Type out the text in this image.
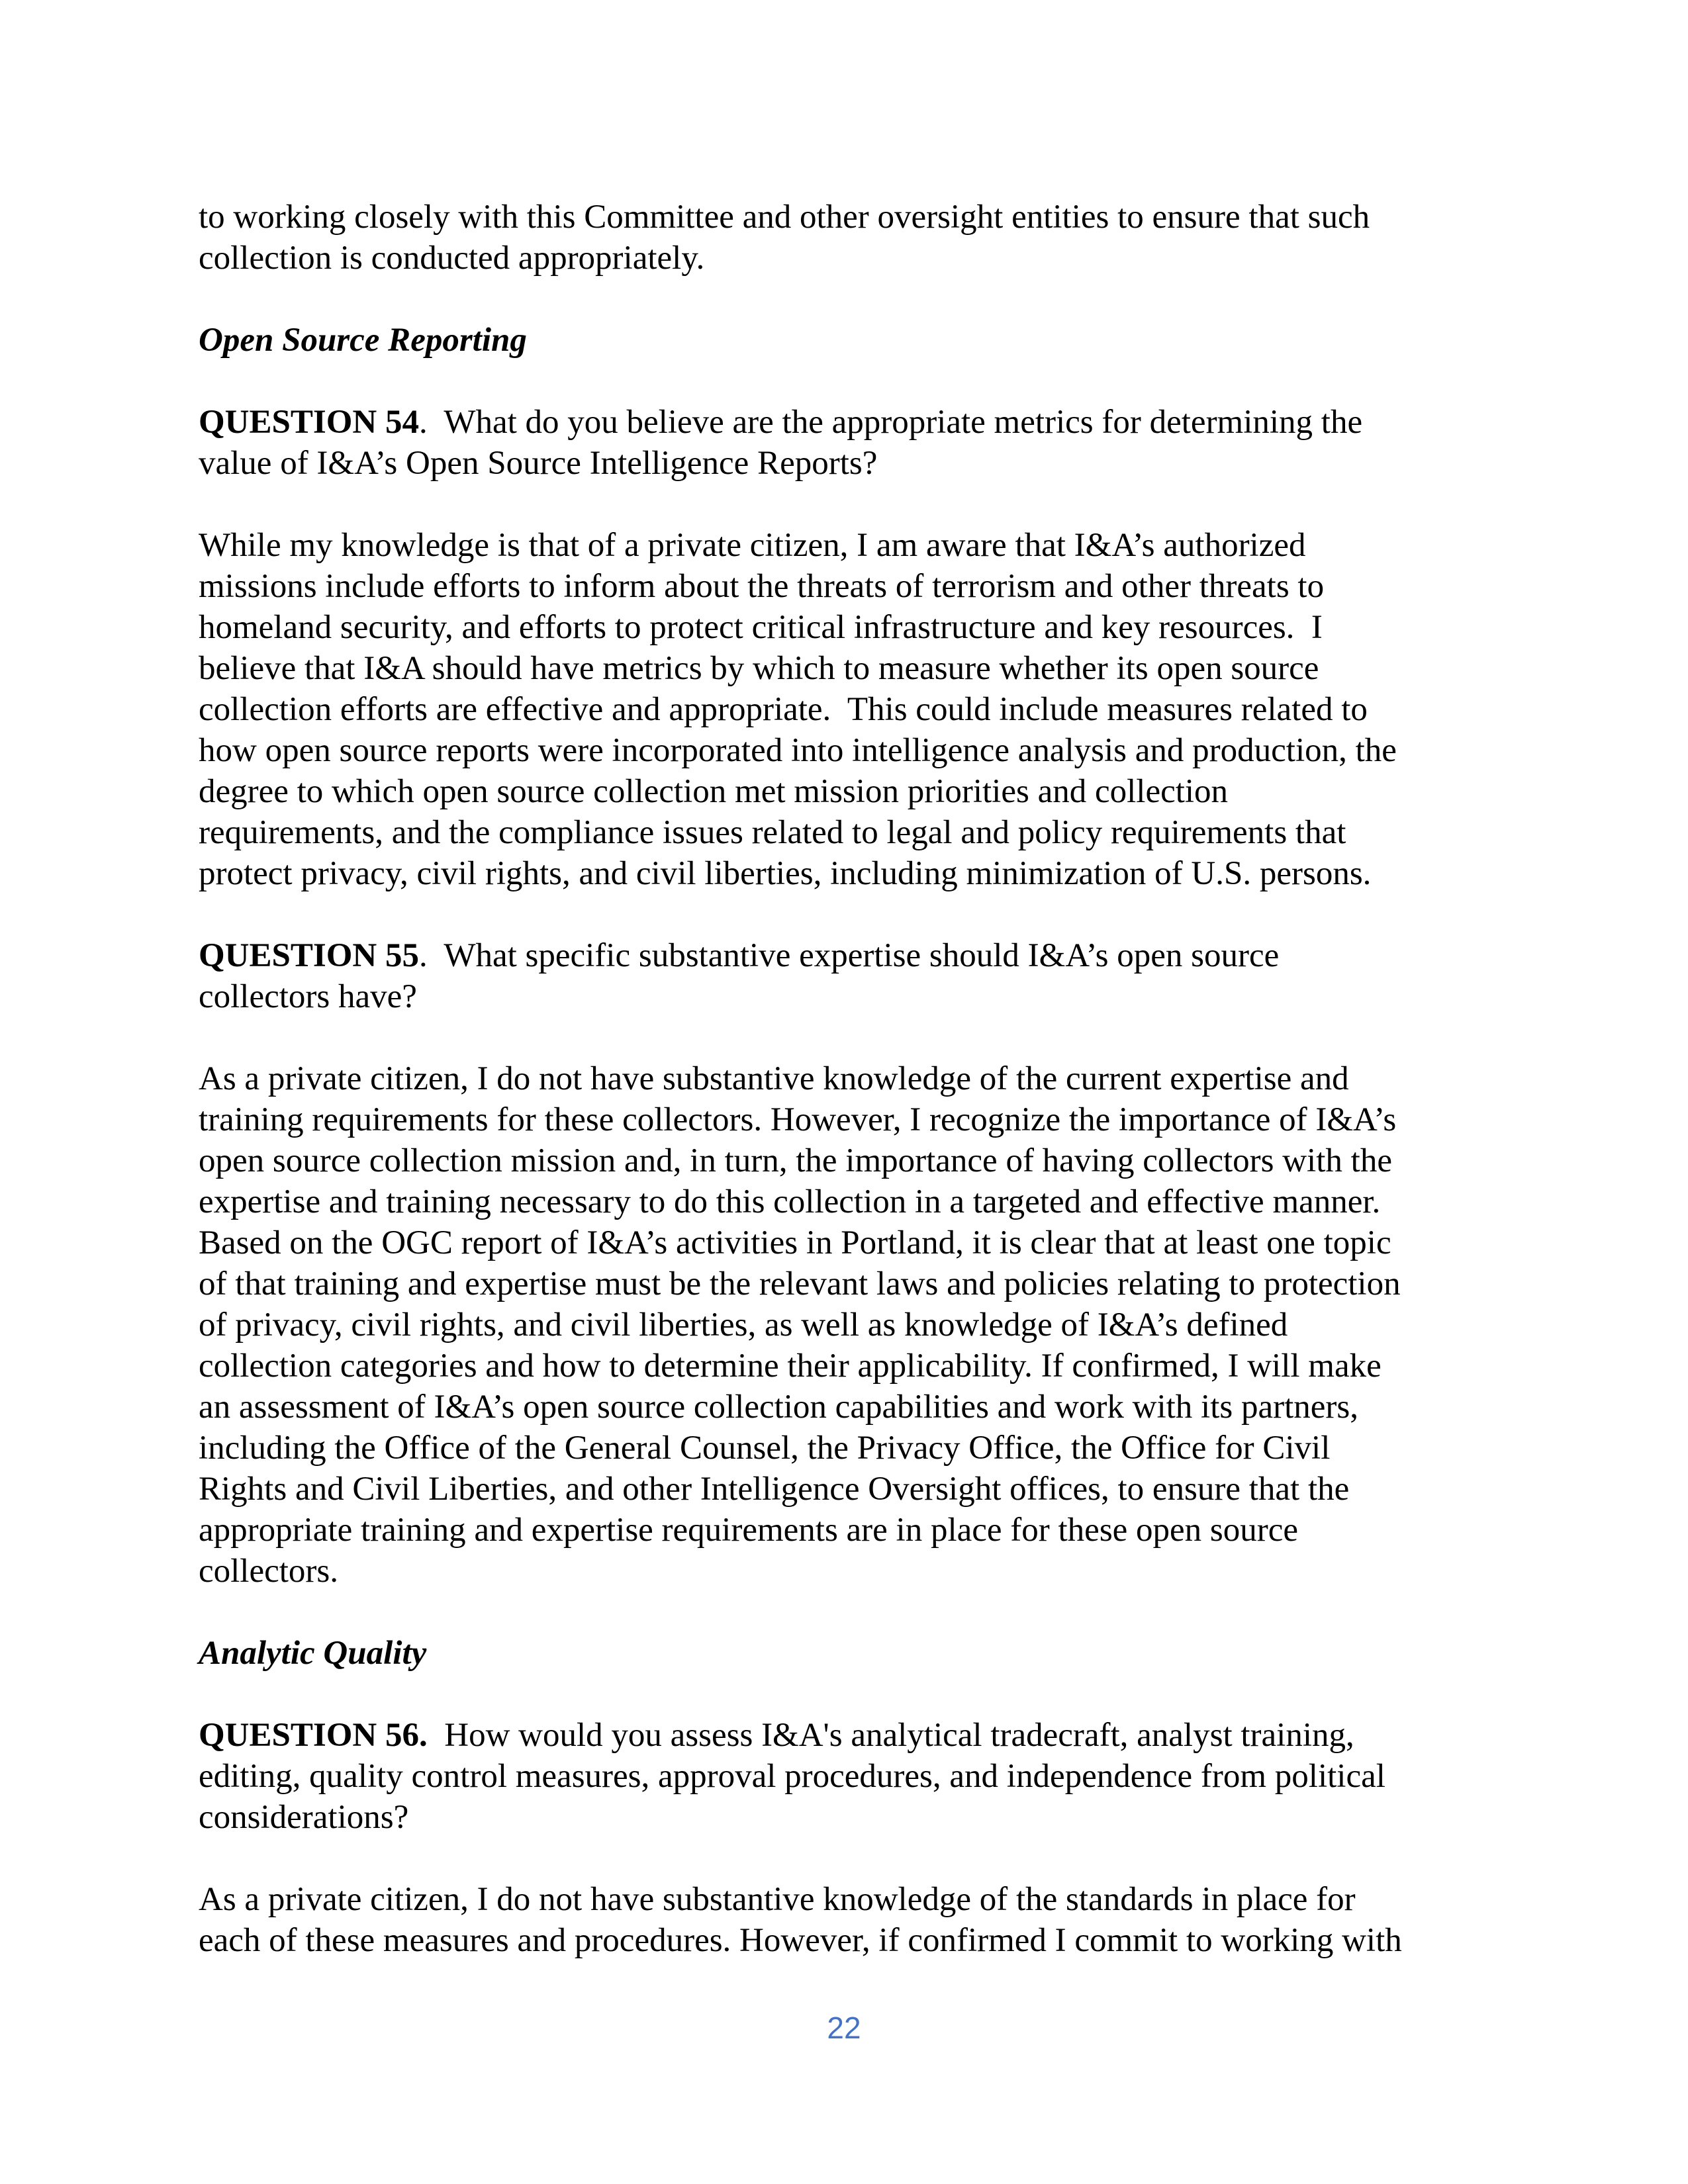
to working closely with this Committee and other oversight entities to ensure that such
collection is conducted appropriately.
Open Source Reporting
QUESTION 54.  What do you believe are the appropriate metrics for determining the
value of I&A’s Open Source Intelligence Reports?
While my knowledge is that of a private citizen, I am aware that I&A’s authorized
missions include efforts to inform about the threats of terrorism and other threats to
homeland security, and efforts to protect critical infrastructure and key resources.  I
believe that I&A should have metrics by which to measure whether its open source
collection efforts are effective and appropriate.  This could include measures related to
how open source reports were incorporated into intelligence analysis and production, the
degree to which open source collection met mission priorities and collection
requirements, and the compliance issues related to legal and policy requirements that
protect privacy, civil rights, and civil liberties, including minimization of U.S. persons.
QUESTION 55.  What specific substantive expertise should I&A’s open source
collectors have?
As a private citizen, I do not have substantive knowledge of the current expertise and
training requirements for these collectors. However, I recognize the importance of I&A’s
open source collection mission and, in turn, the importance of having collectors with the
expertise and training necessary to do this collection in a targeted and effective manner.
Based on the OGC report of I&A’s activities in Portland, it is clear that at least one topic
of that training and expertise must be the relevant laws and policies relating to protection
of privacy, civil rights, and civil liberties, as well as knowledge of I&A’s defined
collection categories and how to determine their applicability. If confirmed, I will make
an assessment of I&A’s open source collection capabilities and work with its partners,
including the Office of the General Counsel, the Privacy Office, the Office for Civil
Rights and Civil Liberties, and other Intelligence Oversight offices, to ensure that the
appropriate training and expertise requirements are in place for these open source
collectors.
Analytic Quality
QUESTION 56.  How would you assess I&A's analytical tradecraft, analyst training,
editing, quality control measures, approval procedures, and independence from political
considerations?
As a private citizen, I do not have substantive knowledge of the standards in place for
each of these measures and procedures. However, if confirmed I commit to working with
22
